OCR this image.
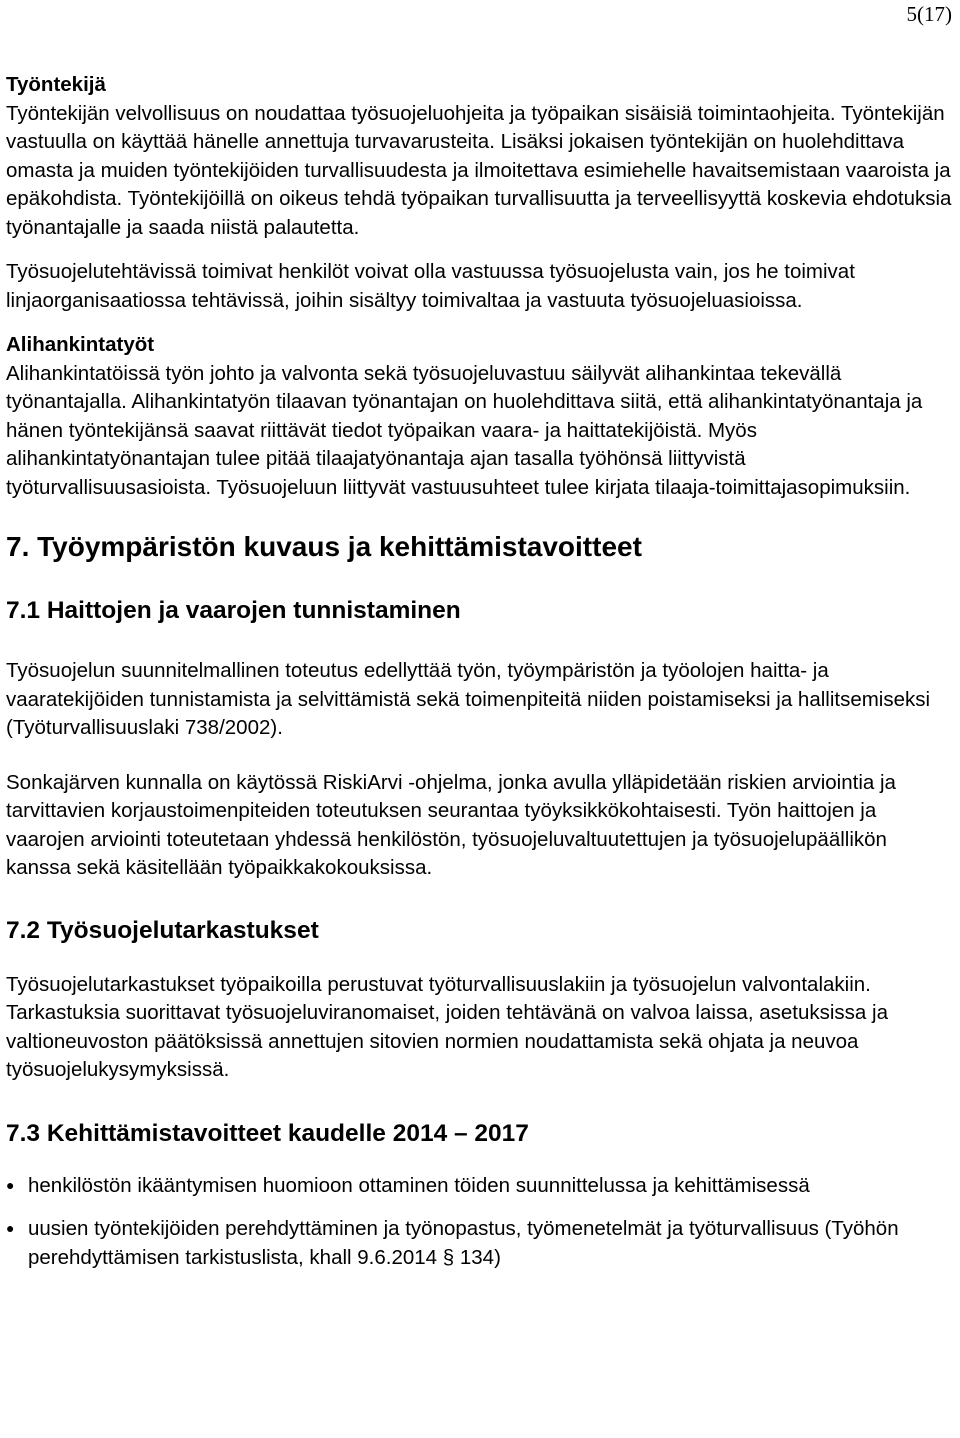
5(17)

Työntekijä

Työntekijän velvollisuus on noudattaa työsuojeluohjeita ja työpaikan sisäisiä toimintaohjeita. Työntekijän vastuulla on käyttää hänelle annettuja turvavarusteita. Lisäksi jokaisen työntekijän on huolehdittava omasta ja muiden työntekijöiden turvallisuudesta ja ilmoitettava esimiehelle havaitsemistaan vaaroista ja epäkohdista. Työntekijöillä on oikeus tehdä työpaikan turvallisuutta ja terveellisyyttä koskevia ehdotuksia työnantajalle ja saada niistä palautetta.

Työsuojelutehtävissä toimivat henkilöt voivat olla vastuussa työsuojelusta vain, jos he toimivat linjaorganisaatiossa tehtävissä, joihin sisältyy toimivaltaa ja vastuuta työsuojeluasioissa.

Alihankintatyöt

Alihankintatöissä työn johto ja valvonta sekä työsuojeluvastuu säilyvät alihankintaa tekevällä työnantajalla. Alihankintatyön tilaavan työnantajan on huolehdittava siitä, että alihankintatyönantaja ja hänen työntekijänsä saavat riittävät tiedot työpaikan vaara- ja haittatekijöistä. Myös alihankintatyönantajan tulee pitää tilaajatyönantaja ajan tasalla työhönsä liittyvistä työturvallisuusasioista. Työsuojeluun liittyvät vastuusuhteet tulee kirjata tilaaja-toimittajasopimuksiin.

7. Työympäristön kuvaus ja kehittämistavoitteet

7.1 Haittojen ja vaarojen tunnistaminen

Työsuojelun suunnitelmallinen toteutus edellyttää työn, työympäristön ja työolojen haitta- ja vaaratekijöiden tunnistamista ja selvittämistä sekä toimenpiteitä niiden poistamiseksi ja hallitsemiseksi (Työturvallisuuslaki 738/2002).

Sonkajärven kunnalla on käytössä RiskiArvi -ohjelma, jonka avulla ylläpidetään riskien arviointia ja tarvittavien korjaustoimenpiteiden toteutuksen seurantaa työyksikkökohtaisesti. Työn haittojen ja vaarojen arviointi toteutetaan yhdessä henkilöstön, työsuojeluvaltuutettujen ja työsuojelupäällikön kanssa sekä käsitellään työpaikkakokouksissa.

7.2 Työsuojelutarkastukset

Työsuojelutarkastukset työpaikoilla perustuvat työturvallisuuslakiin ja työsuojelun valvontalakiin. Tarkastuksia suorittavat työsuojeluviranomaiset, joiden tehtävänä on valvoa laissa, asetuksissa ja valtioneuvoston päätöksissä annettujen sitovien normien noudattamista sekä ohjata ja neuvoa työsuojelukysymyksissä.

7.3 Kehittämistavoitteet kaudelle 2014 – 2017

● henkilöstön ikääntymisen huomioon ottaminen töiden suunnittelussa ja kehittämisessä
● uusien työntekijöiden perehdyttäminen ja työnopastus, työmenetelmät ja työturvallisuus (Työhön perehdyttämisen tarkistuslista, khall 9.6.2014 § 134)
